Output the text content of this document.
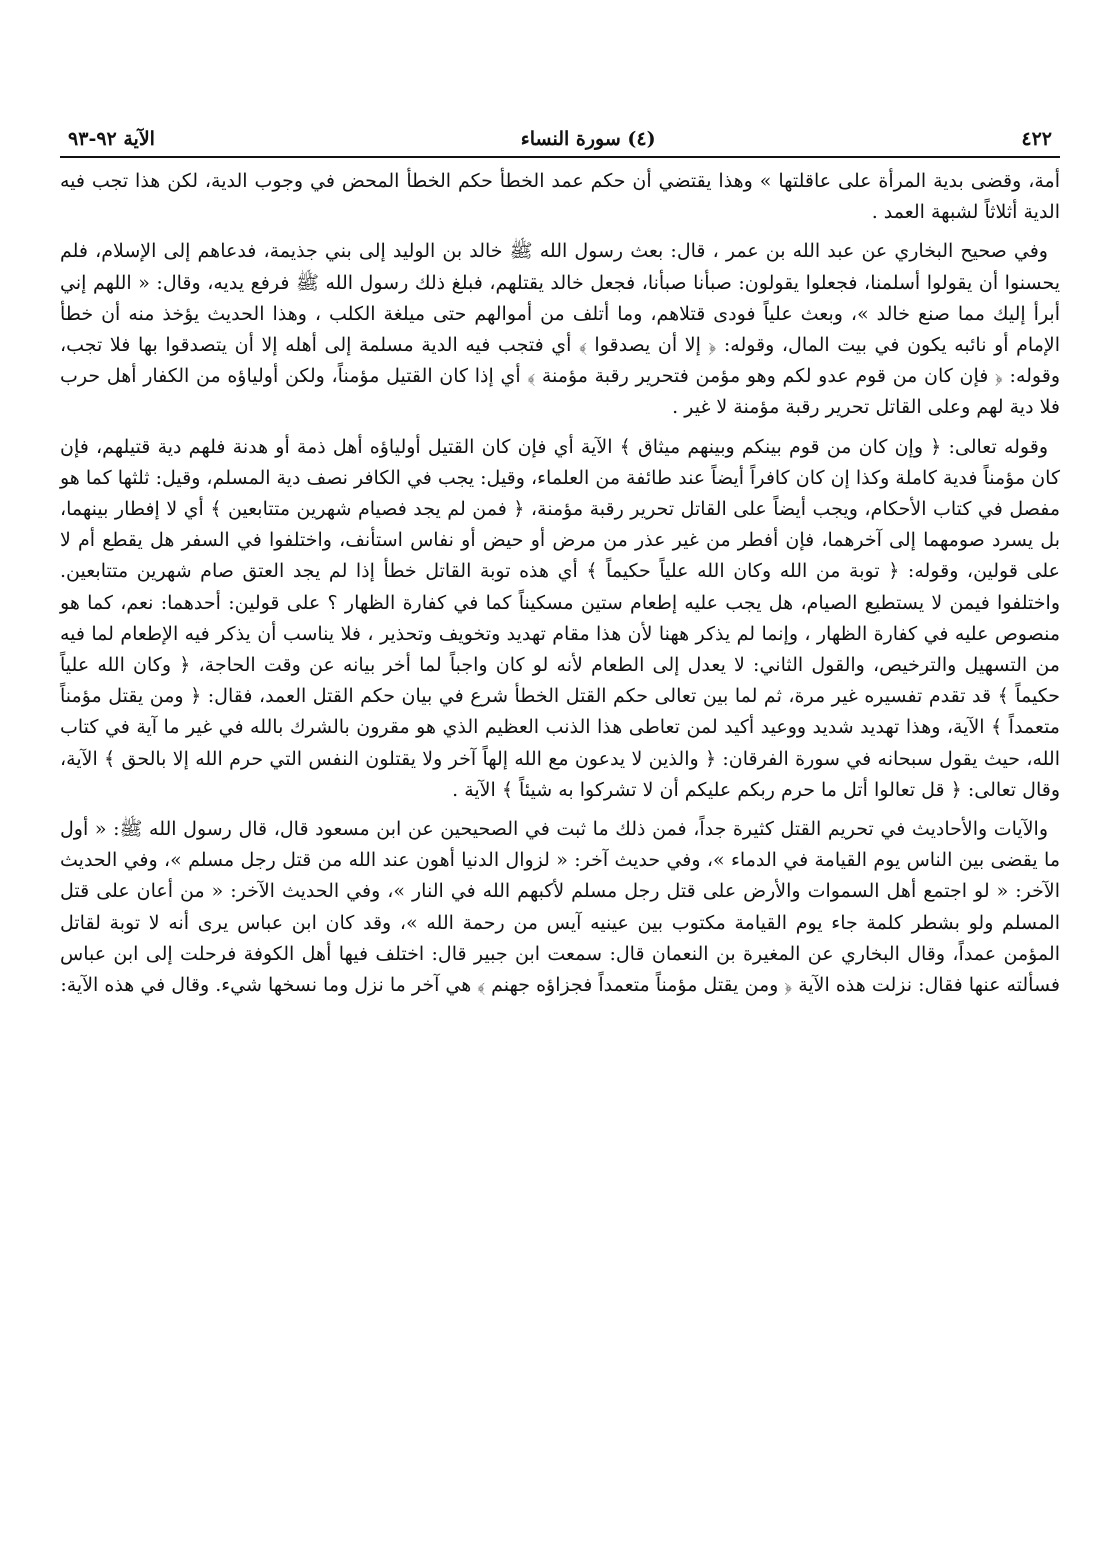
٤٢٢
(٤) سورة النساء
الآية ٩٢-٩٣

أمة، وقضى بدية المرأة على عاقلتها » وهذا يقتضي أن حكم عمد الخطأ حكم الخطأ المحض في وجوب الدية، لكن هذا تجب فيه الدية أثلاثاً لشبهة العمد .

وفي صحيح البخاري عن عبد الله بن عمر ، قال: بعث رسول الله ﷺ خالد بن الوليد إلى بني جذيمة، فدعاهم إلى الإسلام، فلم يحسنوا أن يقولوا أسلمنا، فجعلوا يقولون: صبأنا صبأنا، فجعل خالد يقتلهم، فبلغ ذلك رسول الله ﷺ فرفع يديه، وقال: « اللهم إني أبرأ إليك مما صنع خالد »، وبعث علياً فودى قتلاهم، وما أتلف من أموالهم حتى ميلغة الكلب ، وهذا الحديث يؤخذ منه أن خطأ الإمام أو نائبه يكون في بيت المال، وقوله: ﴿ إلا أن يصدقوا ﴾ أي فتجب فيه الدية مسلمة إلى أهله إلا أن يتصدقوا بها فلا تجب، وقوله: ﴿ فإن كان من قوم عدو لكم وهو مؤمن فتحرير رقبة مؤمنة ﴾ أي إذا كان القتيل مؤمناً، ولكن أولياؤه من الكفار أهل حرب فلا دية لهم وعلى القاتل تحرير رقبة مؤمنة لا غير .

وقوله تعالى: ﴿ وإن كان من قوم بينكم وبينهم ميثاق ﴾ الآية أي فإن كان القتيل أولياؤه أهل ذمة أو هدنة فلهم دية قتيلهم، فإن كان مؤمناً فدية كاملة وكذا إن كان كافراً أيضاً عند طائفة من العلماء، وقيل: يجب في الكافر نصف دية المسلم، وقيل: ثلثها كما هو مفصل في كتاب الأحكام، ويجب أيضاً على القاتل تحرير رقبة مؤمنة، ﴿ فمن لم يجد فصيام شهرين متتابعين ﴾ أي لا إفطار بينهما، بل يسرد صومهما إلى آخرهما، فإن أفطر من غير عذر من مرض أو حيض أو نفاس استأنف، واختلفوا في السفر هل يقطع أم لا على قولين، وقوله: ﴿ توبة من الله وكان الله علياً حكيماً ﴾ أي هذه توبة القاتل خطأ إذا لم يجد العتق صام شهرين متتابعين. واختلفوا فيمن لا يستطيع الصيام، هل يجب عليه إطعام ستين مسكيناً كما في كفارة الظهار ؟ على قولين: أحدهما: نعم، كما هو منصوص عليه في كفارة الظهار ، وإنما لم يذكر ههنا لأن هذا مقام تهديد وتخويف وتحذير ، فلا يناسب أن يذكر فيه الإطعام لما فيه من التسهيل والترخيص، والقول الثاني: لا يعدل إلى الطعام لأنه لو كان واجباً لما أخر بيانه عن وقت الحاجة، ﴿ وكان الله علياً حكيماً ﴾ قد تقدم تفسيره غير مرة، ثم لما بين تعالى حكم القتل الخطأ شرع في بيان حكم القتل العمد، فقال: ﴿ ومن يقتل مؤمناً متعمداً ﴾ الآية، وهذا تهديد شديد ووعيد أكيد لمن تعاطى هذا الذنب العظيم الذي هو مقرون بالشرك بالله في غير ما آية في كتاب الله، حيث يقول سبحانه في سورة الفرقان: ﴿ والذين لا يدعون مع الله إلهاً آخر ولا يقتلون النفس التي حرم الله إلا بالحق ﴾ الآية، وقال تعالى: ﴿ قل تعالوا أتل ما حرم ربكم عليكم أن لا تشركوا به شيئاً ﴾ الآية .

والآيات والأحاديث في تحريم القتل كثيرة جداً، فمن ذلك ما ثبت في الصحيحين عن ابن مسعود قال، قال رسول الله ﷺ: « أول ما يقضى بين الناس يوم القيامة في الدماء »، وفي حديث آخر: « لزوال الدنيا أهون عند الله من قتل رجل مسلم »، وفي الحديث الآخر: « لو اجتمع أهل السموات والأرض على قتل رجل مسلم لأكبهم الله في النار »، وفي الحديث الآخر: « من أعان على قتل المسلم ولو بشطر كلمة جاء يوم القيامة مكتوب بين عينيه آيس من رحمة الله »، وقد كان ابن عباس يرى أنه لا توبة لقاتل المؤمن عمداً، وقال البخاري عن المغيرة بن النعمان قال: سمعت ابن جبير قال: اختلف فيها أهل الكوفة فرحلت إلى ابن عباس فسألته عنها فقال: نزلت هذه الآية ﴿ ومن يقتل مؤمناً متعمداً فجزاؤه جهنم ﴾ هي آخر ما نزل وما نسخها شيء. وقال في هذه الآية:
